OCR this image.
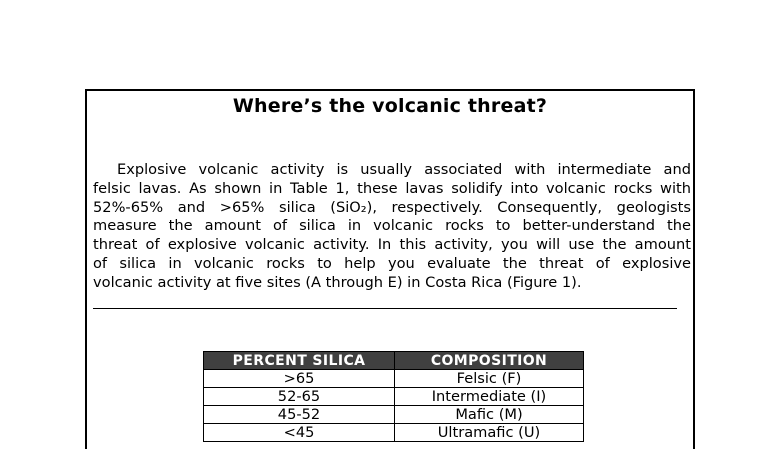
Where’s the volcanic threat?
Explosive volcanic activity is usually associated with intermediate and
felsic lavas. As shown in Table 1, these lavas solidify into volcanic rocks with
52%-65% and >65% silica (SiO₂), respectively. Consequently, geologists
measure the amount of silica in volcanic rocks to better-understand the
threat of explosive volcanic activity. In this activity, you will use the amount
of silica in volcanic rocks to help you evaluate the threat of explosive
volcanic activity at five sites (A through E) in Costa Rica (Figure 1).
PERCENT SILICA	COMPOSITION
>65	Felsic (F)
52-65	Intermediate (I)
45-52	Mafic (M)
<45	Ultramafic (U)
